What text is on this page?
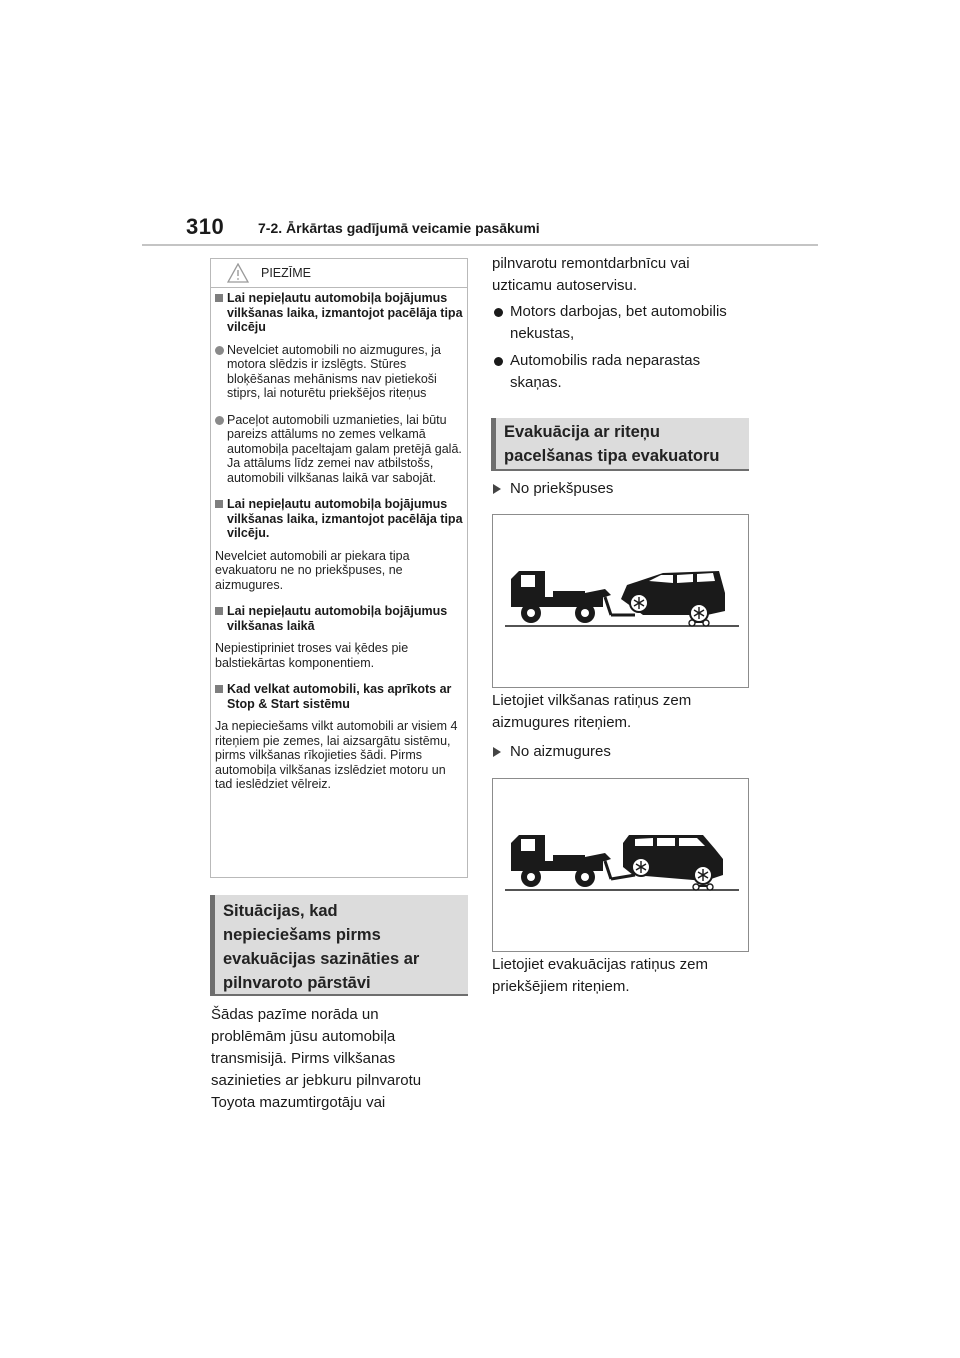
310 7-2. Ārkārtas gadījumā veicamie pasākumi
PIEZĪME
Lai nepieļautu automobiļa bojājumus vilkšanas laika, izmantojot pacēlāja tipa vilcēju
Nevelciet automobili no aizmugures, ja motora slēdzis ir izslēgts. Stūres bloķēšanas mehānisms nav pietiekoši stiprs, lai noturētu priekšējos riteņus
Paceļot automobili uzmanieties, lai būtu pareizs attālums no zemes velkamā automobiļa paceltajam galam pretējā galā. Ja attālums līdz zemei nav atbilstošs, automobili vilkšanas laikā var sabojāt.
Lai nepieļautu automobiļa bojājumus vilkšanas laika, izmantojot pacēlāja tipa vilcēju.
Nevelciet automobili ar piekara tipa evakuatoru ne no priekšpuses, ne aizmugures.
Lai nepieļautu automobiļa bojājumus vilkšanas laikā
Nepiestipriniet troses vai ķēdes pie balstiekārtas komponentiem.
Kad velkat automobili, kas aprīkots ar Stop & Start sistēmu
Ja nepieciešams vilkt automobili ar visiem 4 riteņiem pie zemes, lai aizsargātu sistēmu, pirms vilkšanas rīkojieties šādi. Pirms automobiļa vilkšanas izslēdziet motoru un tad ieslēdziet vēlreiz.
Situācijas, kad
nepieciešams pirms
evakuācijas sazināties ar
pilnvaroto pārstāvi
Šādas pazīme norāda un
problēmām jūsu automobiļa
transmisijā. Pirms vilkšanas
sazinieties ar jebkuru pilnvarotu
Toyota mazumtirgotāju vai
pilnvarotu remontdarbnīcu vai
uzticamu autoservisu.
Motors darbojas, bet automobilis
nekustas,
Automobilis rada neparastas
skaņas.
Evakuācija ar riteņu
pacelšanas tipa evakuatoru
No priekšpuses
Lietojiet vilkšanas ratiņus zem
aizmugures riteņiem.
No aizmugures
Lietojiet evakuācijas ratiņus zem
priekšējiem riteņiem.
